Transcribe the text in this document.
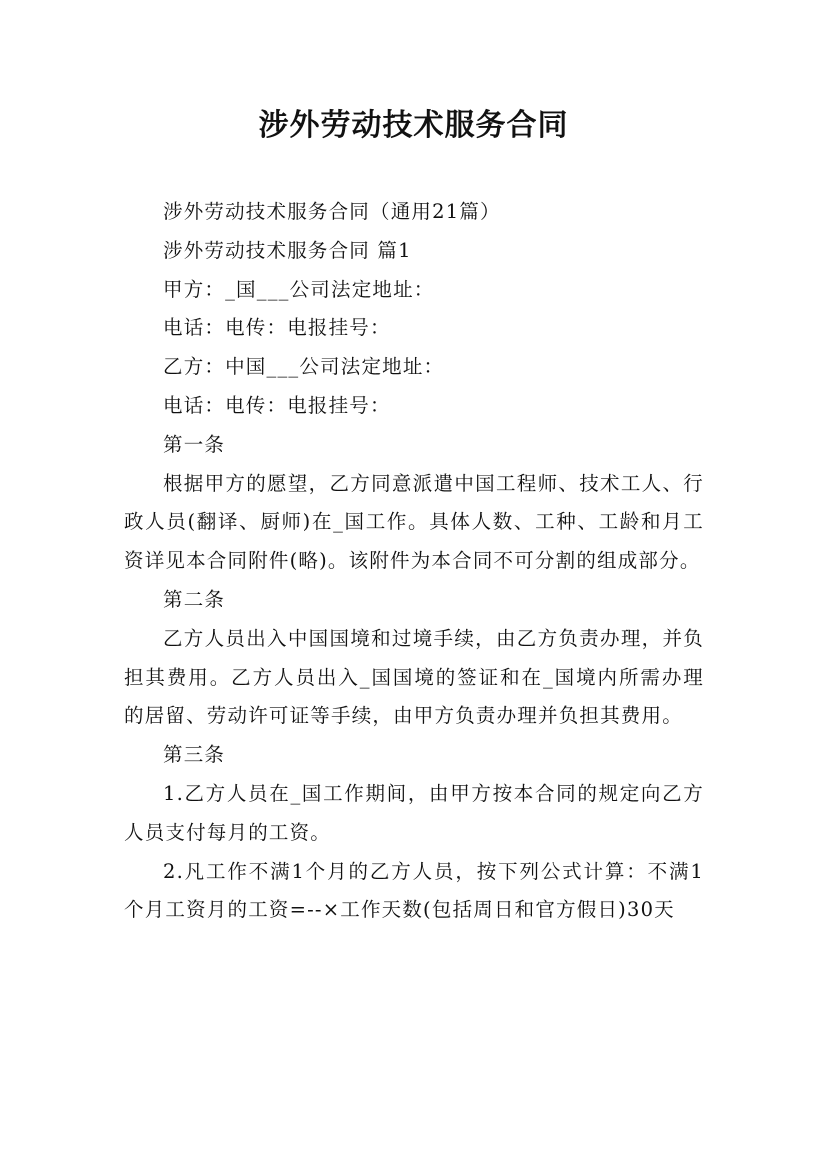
涉外劳动技术服务合同

涉外劳动技术服务合同（通用21篇）

涉外劳动技术服务合同 篇1

甲方：_国___公司法定地址：

电话：电传：电报挂号：

乙方：中国___公司法定地址：

电话：电传：电报挂号：

第一条

根据甲方的愿望，乙方同意派遣中国工程师、技术工人、行政人员(翻译、厨师)在_国工作。具体人数、工种、工龄和月工资详见本合同附件(略)。该附件为本合同不可分割的组成部分。

第二条

乙方人员出入中国国境和过境手续，由乙方负责办理，并负担其费用。乙方人员出入_国国境的签证和在_国境内所需办理的居留、劳动许可证等手续，由甲方负责办理并负担其费用。

第三条

1.乙方人员在_国工作期间，由甲方按本合同的规定向乙方人员支付每月的工资。

2.凡工作不满1个月的乙方人员，按下列公式计算：不满1个月工资月的工资=--×工作天数(包括周日和官方假日)30天
